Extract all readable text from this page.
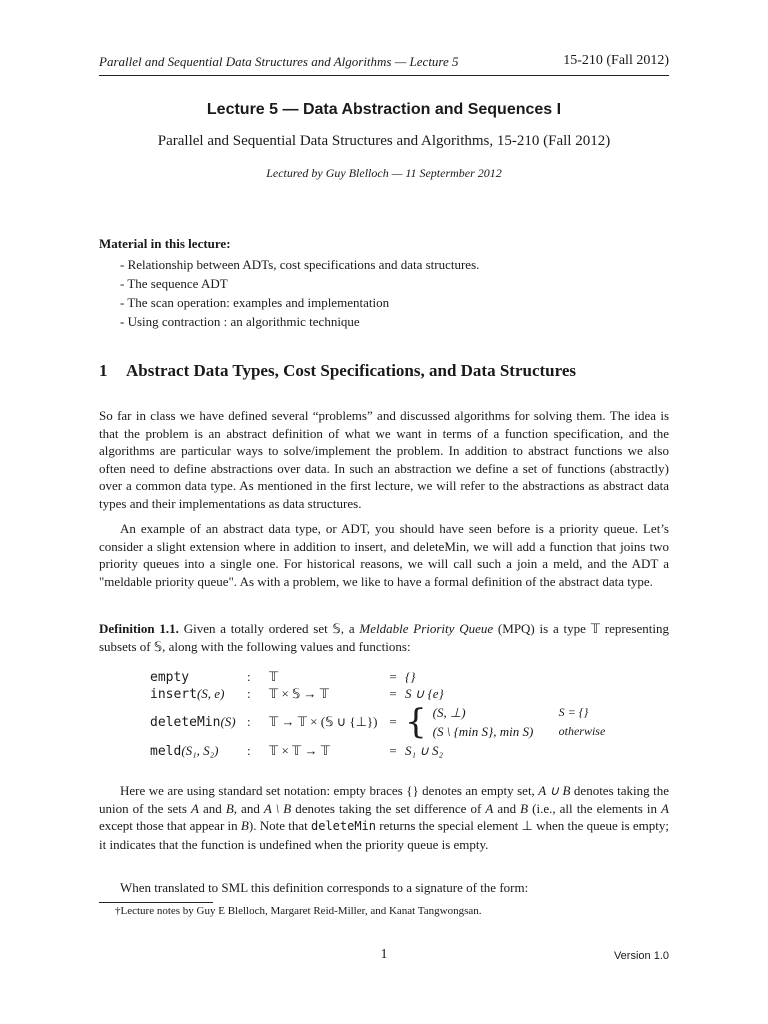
Parallel and Sequential Data Structures and Algorithms — Lecture 5	15-210 (Fall 2012)
Lecture 5 — Data Abstraction and Sequences I
Parallel and Sequential Data Structures and Algorithms, 15-210 (Fall 2012)
Lectured by Guy Blelloch — 11 Septermber 2012
Material in this lecture:
- Relationship between ADTs, cost specifications and data structures.
- The sequence ADT
- The scan operation: examples and implementation
- Using contraction : an algorithmic technique
1 Abstract Data Types, Cost Specifications, and Data Structures

So far in class we have defined several “problems” and discussed algorithms for solving them. The idea is that the problem is an abstract definition of what we want in terms of a function specification, and the algorithms are particular ways to solve/implement the problem. In addition to abstract functions we also often need to define abstractions over data. In such an abstraction we define a set of functions (abstractly) over a common data type. As mentioned in the first lecture, we will refer to the abstractions as abstract data types and their implementations as data structures.

An example of an abstract data type, or ADT, you should have seen before is a priority queue. Let’s consider a slight extension where in addition to insert, and deleteMin, we will add a function that joins two priority queues into a single one. For historical reasons, we will call such a join a meld, and the ADT a "meldable priority queue". As with a problem, we like to have a formal definition of the abstract data type.

Definition 1.1. Given a totally ordered set 𝕊, a Meldable Priority Queue (MPQ) is a type 𝕋 representing subsets of 𝕊, along with the following values and functions:

empty	:	𝕋	=	{}
insert(S, e)	:	𝕋 × 𝕊 → 𝕋	=	S ∪ {e}
deleteMin(S)	:	𝕋 → 𝕋 × (𝕊 ∪ {⊥})	=	{ (S, ⊥)	S = {}
(S \ {min S}, min S)	otherwise

meld(S₁, S₂)	:	𝕋 × 𝕋 → 𝕋	=	S₁ ∪ S₂

Here we are using standard set notation: empty braces {} denotes an empty set, A ∪ B denotes taking the union of the sets A and B, and A \ B denotes taking the set difference of A and B (i.e., all the elements in A except those that appear in B). Note that deleteMin returns the special element ⊥ when the queue is empty; it indicates that the function is undefined when the priority queue is empty.

When translated to SML this definition corresponds to a signature of the form:

†Lecture notes by Guy E Blelloch, Margaret Reid-Miller, and Kanat Tangwongsan.
1	Version 1.0
